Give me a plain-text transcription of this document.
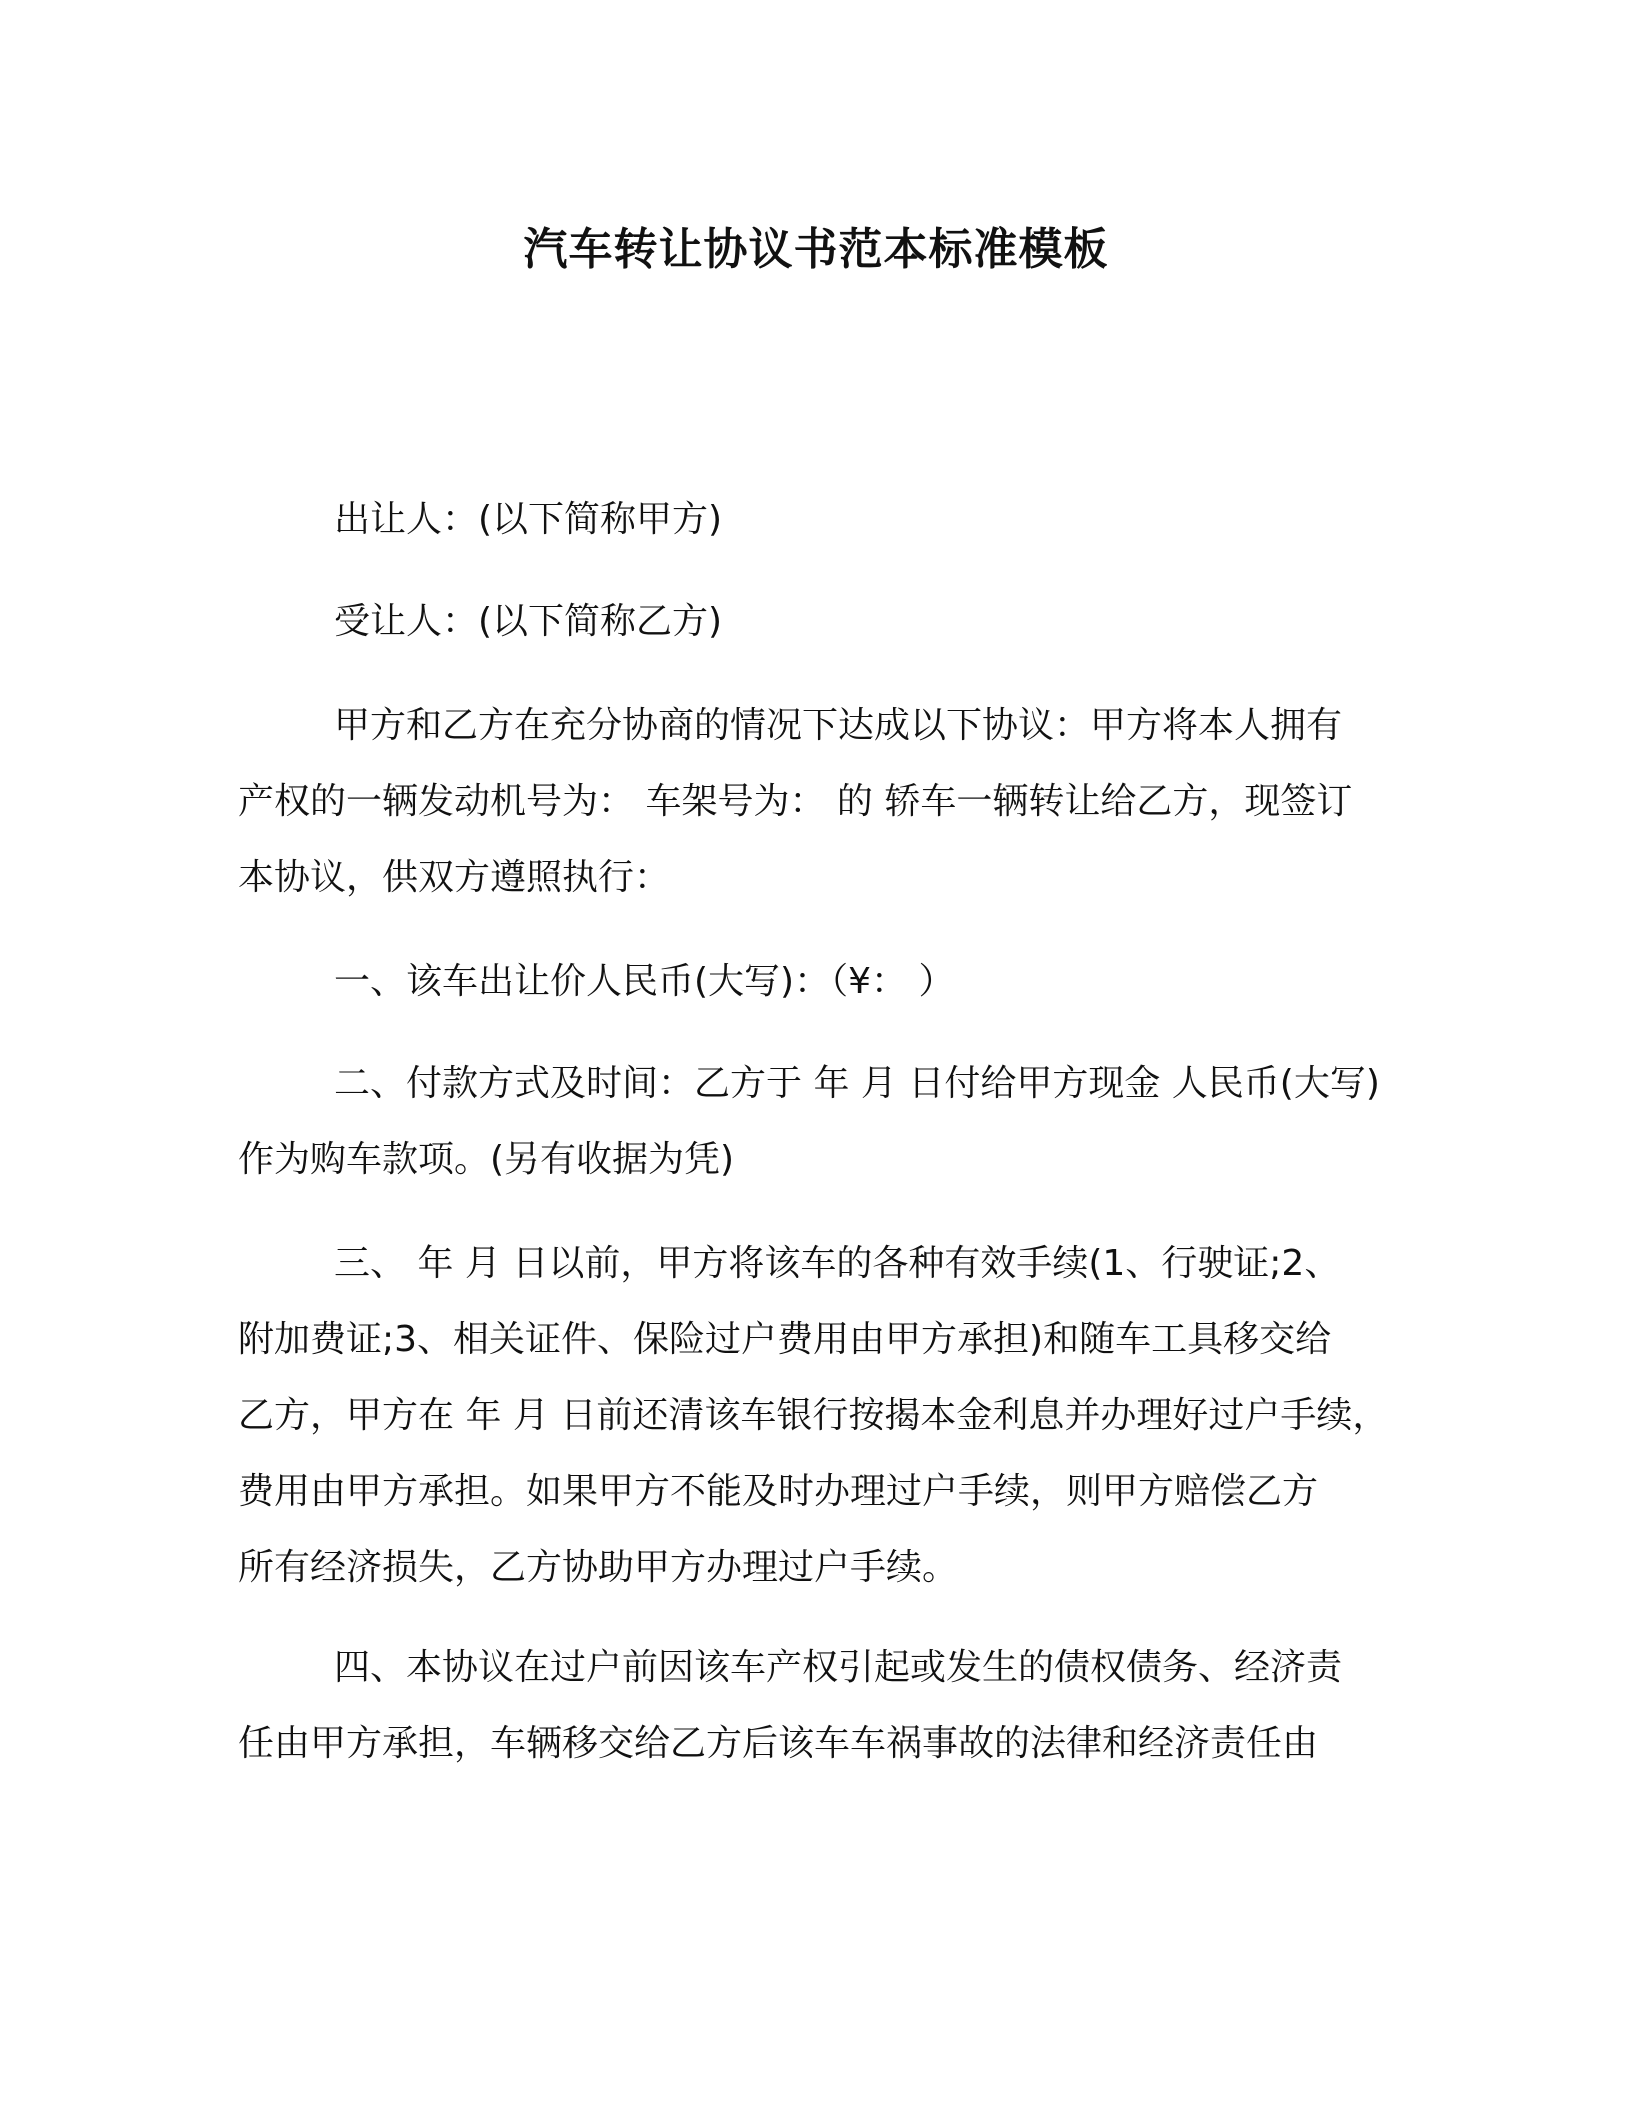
汽车转让协议书范本标准模板
出让人：(以下简称甲方)
受让人：(以下简称乙方)
甲方和乙方在充分协商的情况下达成以下协议：甲方将本人拥有
产权的一辆发动机号为： 车架号为： 的 轿车一辆转让给乙方，现签订
本协议，供双方遵照执行：
一、该车出让价人民币(大写)：（¥： ）
二、付款方式及时间：乙方于 年 月 日付给甲方现金 人民币(大写)
作为购车款项。(另有收据为凭)
三、 年 月 日以前，甲方将该车的各种有效手续(1、行驶证;2、
附加费证;3、相关证件、保险过户费用由甲方承担)和随车工具移交给
乙方，甲方在 年 月 日前还清该车银行按揭本金利息并办理好过户手续，
费用由甲方承担。如果甲方不能及时办理过户手续，则甲方赔偿乙方
所有经济损失，乙方协助甲方办理过户手续。
四、本协议在过户前因该车产权引起或发生的债权债务、经济责
任由甲方承担，车辆移交给乙方后该车车祸事故的法律和经济责任由
